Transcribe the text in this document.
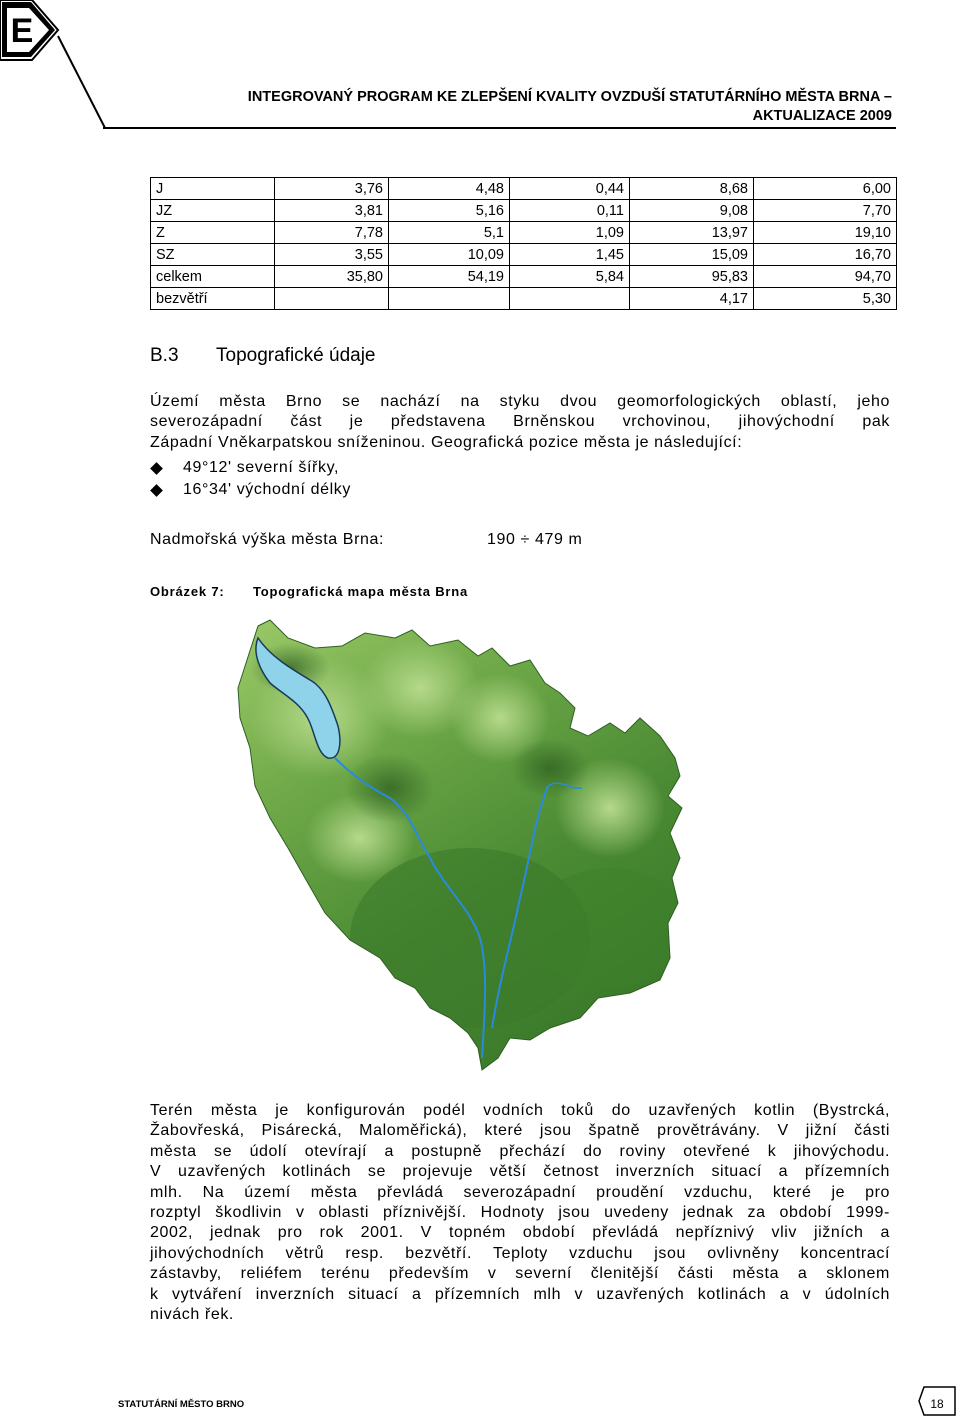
E
INTEGROVANÝ PROGRAM KE ZLEPŠENÍ KVALITY OVZDUŠÍ STATUTÁRNÍHO MĚSTA BRNA –
AKTUALIZACE 2009
J	3,76	4,48	0,44	8,68	6,00
JZ	3,81	5,16	0,11	9,08	7,70
Z	7,78	5,1	1,09	13,97	19,10
SZ	3,55	10,09	1,45	15,09	16,70
celkem	35,80	54,19	5,84	95,83	94,70
bezvětří				4,17	5,30
B.3 Topografické údaje
Území města Brno se nachází na styku dvou geomorfologických oblastí, jeho
severozápadní část je představena Brněnskou vrchovinou, jihovýchodní pak
Západní Vněkarpatskou sníženinou. Geografická pozice města je následující:
49°12' severní šířky,
16°34' východní délky
Nadmořská výška města Brna:	190 ÷ 479 m
Obrázek 7: Topografická mapa města Brna
Terén města je konfigurován podél vodních toků do uzavřených kotlin (Bystrcká,
Žabovřeská, Pisárecká, Maloměřická), které jsou špatně provětrávány. V jižní části
města se údolí otevírají a postupně přechází do roviny otevřené k jihovýchodu.
V uzavřených kotlinách se projevuje větší četnost inverzních situací a přízemních
mlh. Na území města převládá severozápadní proudění vzduchu, které je pro
rozptyl škodlivin v oblasti příznivější. Hodnoty jsou uvedeny jednak za období 1999-
2002, jednak pro rok 2001. V topném období převládá nepříznivý vliv jižních a
jihovýchodních větrů resp. bezvětří. Teploty vzduchu jsou ovlivněny koncentrací
zástavby, reliéfem terénu především v severní členitější části města a sklonem
k vytváření inverzních situací a přízemních mlh v uzavřených kotlinách a v údolních
nivách řek.
STATUTÁRNÍ MĚSTO BRNO	18
